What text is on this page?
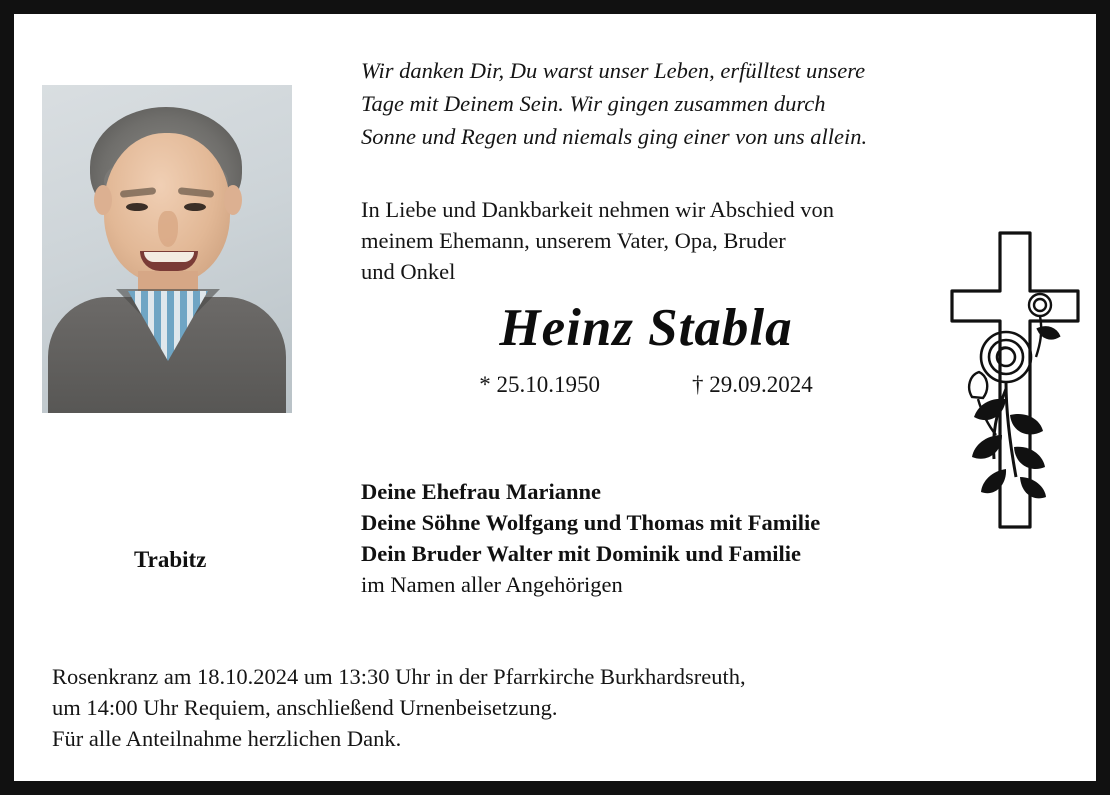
Wir danken Dir, Du warst unser Leben, erfülltest unsere
Tage mit Deinem Sein. Wir gingen zusammen durch
Sonne und Regen und niemals ging einer von uns allein.
In Liebe und Dankbarkeit nehmen wir Abschied von
meinem Ehemann, unserem Vater, Opa, Bruder
und Onkel
Heinz Stabla
* 25.10.1950	† 29.09.2024
Deine Ehefrau Marianne
Deine Söhne Wolfgang und Thomas mit Familie
Dein Bruder Walter mit Dominik und Familie
im Namen aller Angehörigen
Trabitz
Rosenkranz am 18.10.2024 um 13:30 Uhr in der Pfarrkirche Burkhardsreuth,
um 14:00 Uhr Requiem, anschließend Urnenbeisetzung.
Für alle Anteilnahme herzlichen Dank.
